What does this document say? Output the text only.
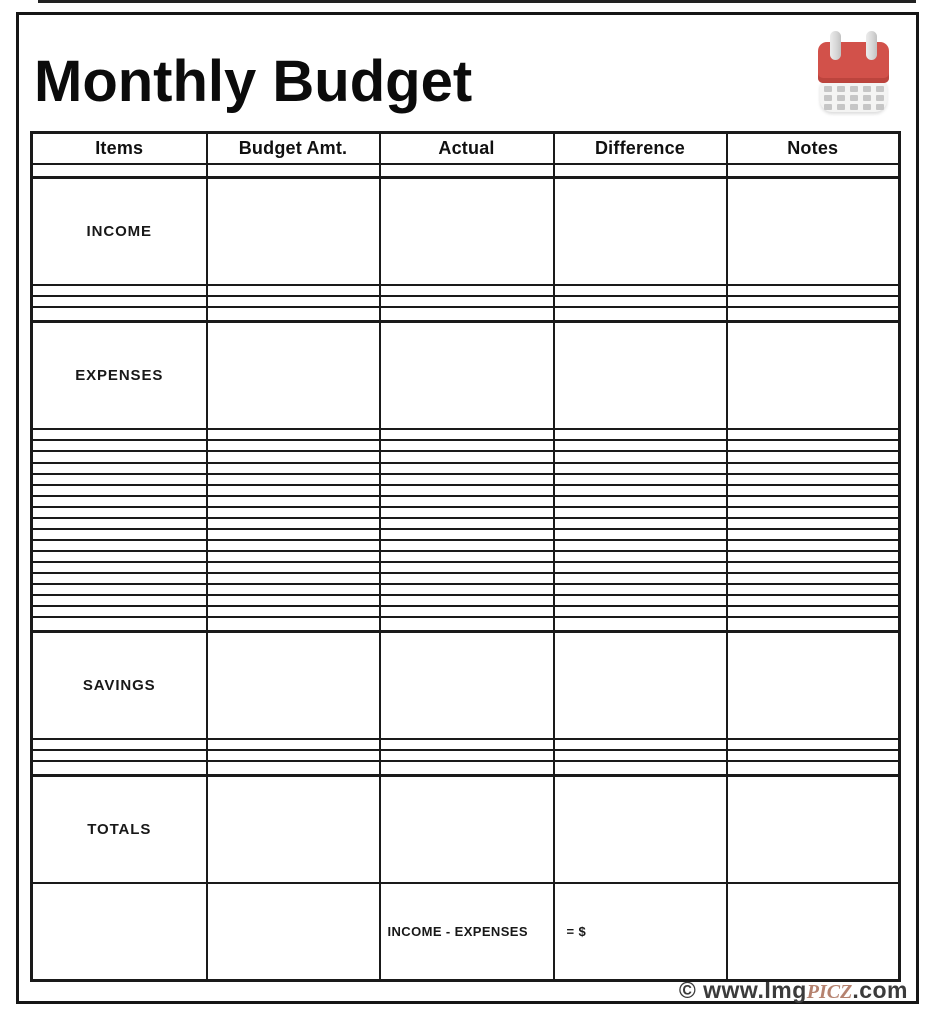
Monthly Budget
Items	Budget Amt.	Actual	Difference	Notes

INCOME				

EXPENSES				

SAVINGS				

TOTALS				
		INCOME - EXPENSES	= $	
© www.ImgPICZ.com
